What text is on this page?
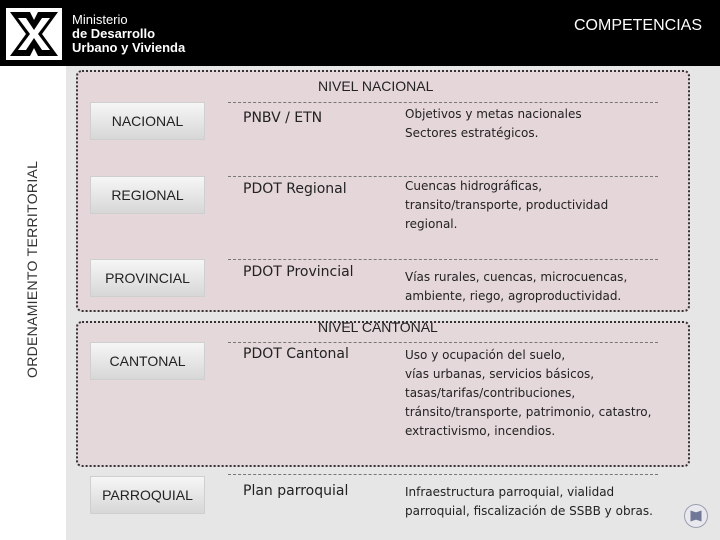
Ministerio
de Desarrollo
Urbano y Vivienda
COMPETENCIAS
ORDENAMIENTO TERRITORIAL
NIVEL NACIONAL
NIVEL CANTONAL
NACIONAL	PNBV / ETN	Objetivos y metas nacionales
Sectores estratégicos.
REGIONAL	PDOT Regional	Cuencas hidrográficas,
transito/transporte, productividad
regional.
PROVINCIAL	PDOT Provincial	Vías rurales, cuencas, microcuencas,
ambiente, riego, agroproductividad.
CANTONAL	PDOT Cantonal	Uso y ocupación del suelo,
vías urbanas, servicios básicos,
tasas/tarifas/contribuciones,
tránsito/transporte, patrimonio, catastro,
extractivismo, incendios.
PARROQUIAL	Plan parroquial	Infraestructura parroquial, vialidad
parroquial, fiscalización de SSBB y obras.
